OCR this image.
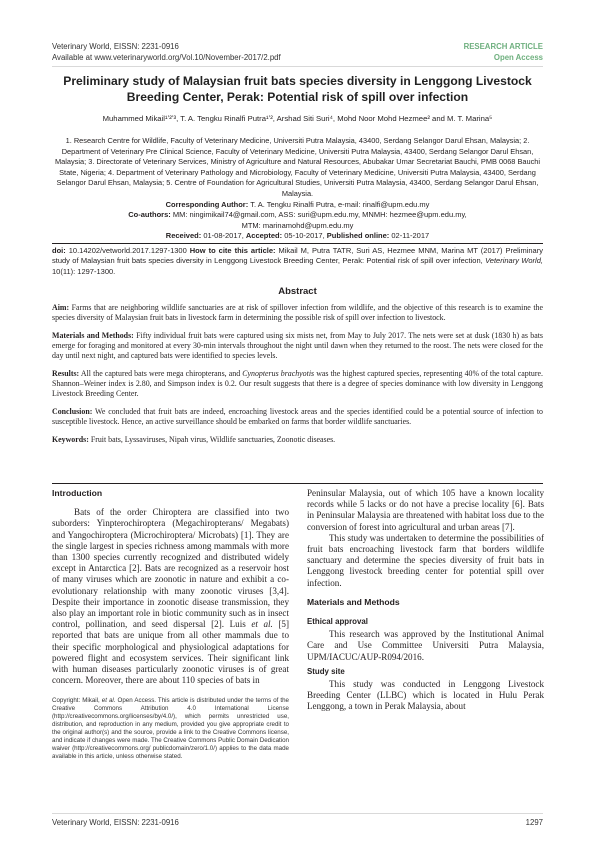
Veterinary World, EISSN: 2231-0916
Available at www.veterinaryworld.org/Vol.10/November-2017/2.pdf
RESEARCH ARTICLE
Open Access
Preliminary study of Malaysian fruit bats species diversity in Lenggong Livestock Breeding Center, Perak: Potential risk of spill over infection
Muhammed Mikail¹ʼ²ʼ³, T. A. Tengku Rinalfi Putra¹ʼ², Arshad Siti Suri⁴, Mohd Noor Mohd Hezmee² and M. T. Marina⁵
1. Research Centre for Wildlife, Faculty of Veterinary Medicine, Universiti Putra Malaysia, 43400, Serdang Selangor Darul Ehsan, Malaysia; 2. Department of Veterinary Pre Clinical Science, Faculty of Veterinary Medicine, Universiti Putra Malaysia, 43400, Serdang Selangor Darul Ehsan, Malaysia; 3. Directorate of Veterinary Services, Ministry of Agriculture and Natural Resources, Abubakar Umar Secretariat Bauchi, PMB 0068 Bauchi State, Nigeria; 4. Department of Veterinary Pathology and Microbiology, Faculty of Veterinary Medicine, Universiti Putra Malaysia, 43400, Serdang Selangor Darul Ehsan, Malaysia; 5. Centre of Foundation for Agricultural Studies, Universiti Putra Malaysia, 43400, Serdang Selangor Darul Ehsan, Malaysia.
Corresponding Author: T. A. Tengku Rinalfi Putra, e-mail: rinalfi@upm.edu.my
Co-authors: MM: ningimikail74@gmail.com, ASS: suri@upm.edu.my, MNMH: hezmee@upm.edu.my,
MTM: marinamohd@upm.edu.my
Received: 01-08-2017, Accepted: 05-10-2017, Published online: 02-11-2017
doi: 10.14202/vetworld.2017.1297-1300 How to cite this article: Mikail M, Putra TATR, Suri AS, Hezmee MNM, Marina MT (2017) Preliminary study of Malaysian fruit bats species diversity in Lenggong Livestock Breeding Center, Perak: Potential risk of spill over infection, Veterinary World, 10(11): 1297-1300.
Abstract

Aim: Farms that are neighboring wildlife sanctuaries are at risk of spillover infection from wildlife, and the objective of this research is to examine the species diversity of Malaysian fruit bats in livestock farm in determining the possible risk of spill over infection to livestock.

Materials and Methods: Fifty individual fruit bats were captured using six mists net, from May to July 2017. The nets were set at dusk (1830 h) as bats emerge for foraging and monitored at every 30-min intervals throughout the night until dawn when they returned to the roost. The nets were closed for the day until next night, and captured bats were identified to species levels.

Results: All the captured bats were mega chiropterans, and Cynopterus brachyotis was the highest captured species, representing 40% of the total capture. Shannon–Weiner index is 2.80, and Simpson index is 0.2. Our result suggests that there is a degree of species dominance with low diversity in Lenggong Livestock Breeding Center.

Conclusion: We concluded that fruit bats are indeed, encroaching livestock areas and the species identified could be a potential source of infection to susceptible livestock. Hence, an active surveillance should be embarked on farms that border wildlife sanctuaries.

Keywords: Fruit bats, Lyssaviruses, Nipah virus, Wildlife sanctuaries, Zoonotic diseases.

Introduction

Bats of the order Chiroptera are classified into two suborders: Yinpterochiroptera (Megachiropterans/ Megabats) and Yangochiroptera (Microchiroptera/ Microbats) [1]. They are the single largest in species richness among mammals with more than 1300 species currently recognized and distributed widely except in Antarctica [2]. Bats are recognized as a reservoir host of many viruses which are zoonotic in nature and exhibit a co-evolutionary relationship with many zoonotic viruses [3,4]. Despite their importance in zoonotic disease transmission, they also play an important role in biotic community such as in insect control, pollination, and seed dispersal [2]. Luis et al. [5] reported that bats are unique from all other mammals due to their specific morphological and physiological adaptations for powered flight and ecosystem services. Their significant link with human diseases particularly zoonotic viruses is of great concern. Moreover, there are about 110 species of bats in

Copyright: Mikail, et al. Open Access. This article is distributed under the terms of the Creative Commons Attribution 4.0 International License (http://creativecommons.org/licenses/by/4.0/), which permits unrestricted use, distribution, and reproduction in any medium, provided you give appropriate credit to the original author(s) and the source, provide a link to the Creative Commons license, and indicate if changes were made. The Creative Commons Public Domain Dedication waiver (http://creativecommons.org/ publicdomain/zero/1.0/) applies to the data made available in this article, unless otherwise stated.
Peninsular Malaysia, out of which 105 have a known locality records while 5 lacks or do not have a precise locality [6]. Bats in Peninsular Malaysia are threatened with habitat loss due to the conversion of forest into agricultural and urban areas [7].

This study was undertaken to determine the possibilities of fruit bats encroaching livestock farm that borders wildlife sanctuary and determine the species diversity of fruit bats in Lenggong livestock breeding center for potential spill over infection.

Materials and Methods
Ethical approval

This research was approved by the Institutional Animal Care and Use Committee Universiti Putra Malaysia, UPM/IACUC/AUP-R094/2016.

Study site

This study was conducted in Lenggong Livestock Breeding Center (LLBC) which is located in Hulu Perak Lenggong, a town in Perak Malaysia, about

Veterinary World, EISSN: 2231-0916	1297
